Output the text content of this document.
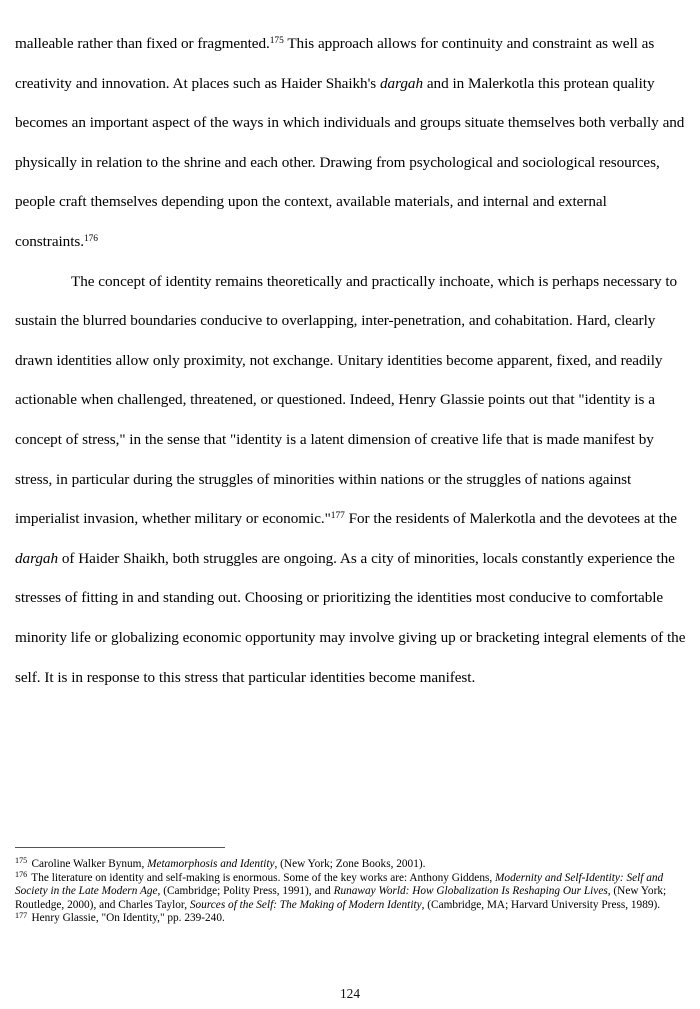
malleable rather than fixed or fragmented.$^{175}$ This approach allows for continuity and constraint as well as creativity and innovation. At places such as Haider Shaikh's dargah and in Malerkotla this protean quality becomes an important aspect of the ways in which individuals and groups situate themselves both verbally and physically in relation to the shrine and each other. Drawing from psychological and sociological resources, people craft themselves depending upon the context, available materials, and internal and external constraints.$^{176}$

The concept of identity remains theoretically and practically inchoate, which is perhaps necessary to sustain the blurred boundaries conducive to overlapping, inter-penetration, and cohabitation. Hard, clearly drawn identities allow only proximity, not exchange. Unitary identities become apparent, fixed, and readily actionable when challenged, threatened, or questioned. Indeed, Henry Glassie points out that "identity is a concept of stress," in the sense that "identity is a latent dimension of creative life that is made manifest by stress, in particular during the struggles of minorities within nations or the struggles of nations against imperialist invasion, whether military or economic."$^{177}$ For the residents of Malerkotla and the devotees at the dargah of Haider Shaikh, both struggles are ongoing. As a city of minorities, locals constantly experience the stresses of fitting in and standing out. Choosing or prioritizing the identities most conducive to comfortable minority life or globalizing economic opportunity may involve giving up or bracketing integral elements of the self. It is in response to this stress that particular identities become manifest.

$^{175}$ Caroline Walker Bynum, Metamorphosis and Identity, (New York; Zone Books, 2001).

$^{176}$ The literature on identity and self-making is enormous. Some of the key works are: Anthony Giddens, Modernity and Self-Identity: Self and Society in the Late Modern Age, (Cambridge; Polity Press, 1991), and Runaway World: How Globalization Is Reshaping Our Lives, (New York; Routledge, 2000), and Charles Taylor, Sources of the Self: The Making of Modern Identity, (Cambridge, MA; Harvard University Press, 1989).

$^{177}$ Henry Glassie, "On Identity," pp. 239-240.

124
